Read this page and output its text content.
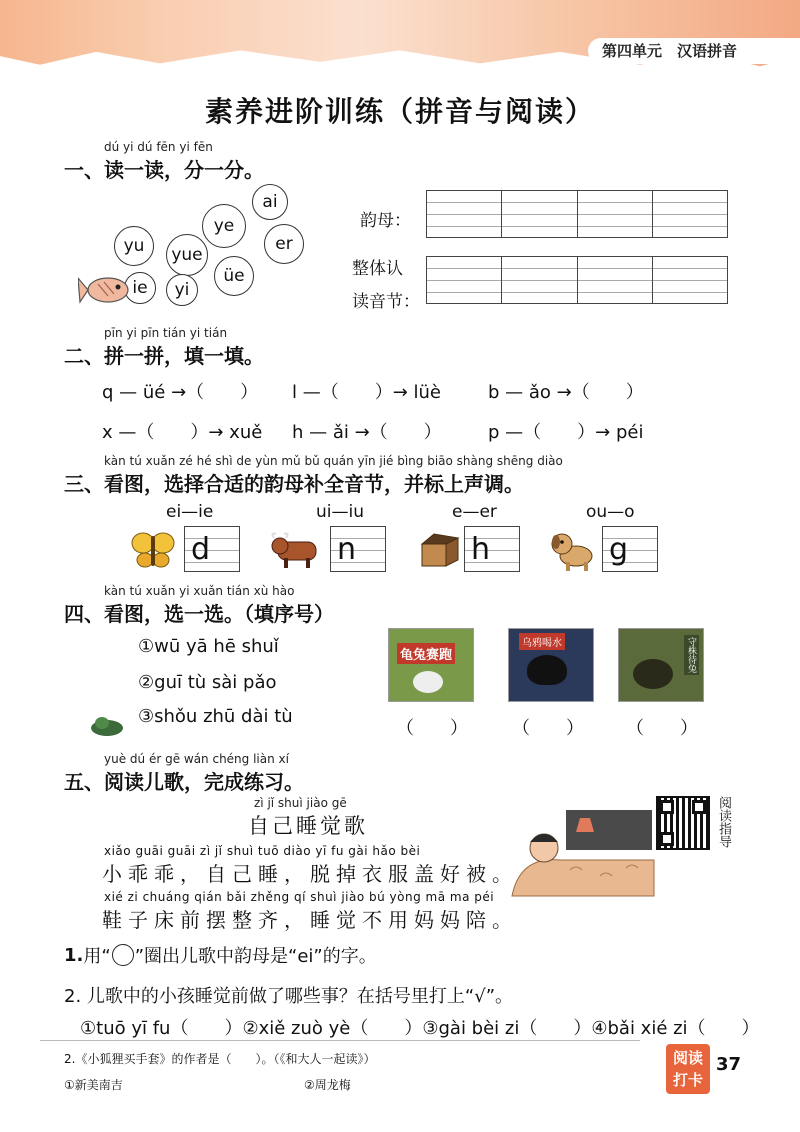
第四单元　汉语拼音
素养进阶训练（拼音与阅读）
dú yi dú fēn yi fēn
一、读一读，分一分。
ai
ye
yu	yue
er
üe
ie	yi
韵母：
整体认
读音节：
pīn yi pīn tián yi tián
二、拼一拼，填一填。
q — üé →（　　） l —（　　）→ lüè	b — ǎo →（　　）
x —（　　）→ xuě h — ǎi →（　　）	p —（　　）→ péi
kàn tú xuǎn zé hé shì de yùn mǔ bǔ quán yīn jié bìng biāo shàng shēng diào
三、看图，选择合适的韵母补全音节，并标上声调。
ei—ie	ui—iu	e—er	ou—o
d	n	h	g
kàn tú xuǎn yi xuǎn tián xù hào
四、看图，选一选。（填序号）
①wū yā hē shuǐ
②guī tù sài pǎo
③shǒu zhū dài tù
龟兔赛跑
乌鸦喝水	守株待兔
（　　） （　　） （　　）
yuè dú ér gē wán chéng liàn xí
五、阅读儿歌，完成练习。
zì jǐ shuì jiào gē
自己睡觉歌	阅读指导
xiǎo guāi guāi zì jǐ shuì tuō diào yī fu gài hǎo bèi
小乖乖，自己睡，脱掉衣服盖好被。
xié zi chuáng qián bǎi zhěng qí shuì jiào bú yòng mā ma péi
鞋子床前摆整齐，睡觉不用妈妈陪。
1. 用“ ”圈出儿歌中韵母是“ei”的字。
2. 儿歌中的小孩睡觉前做了哪些事？在括号里打上“√”。
①tuō yī fu（　　）②xiě zuò yè（　　）③gài bèi zi（　　）④bǎi xié zi（　　）
2.《小狐狸买手套》的作者是（　　）。（《和大人一起读》）
①新美南吉	②周龙梅
阅读
打卡
37
